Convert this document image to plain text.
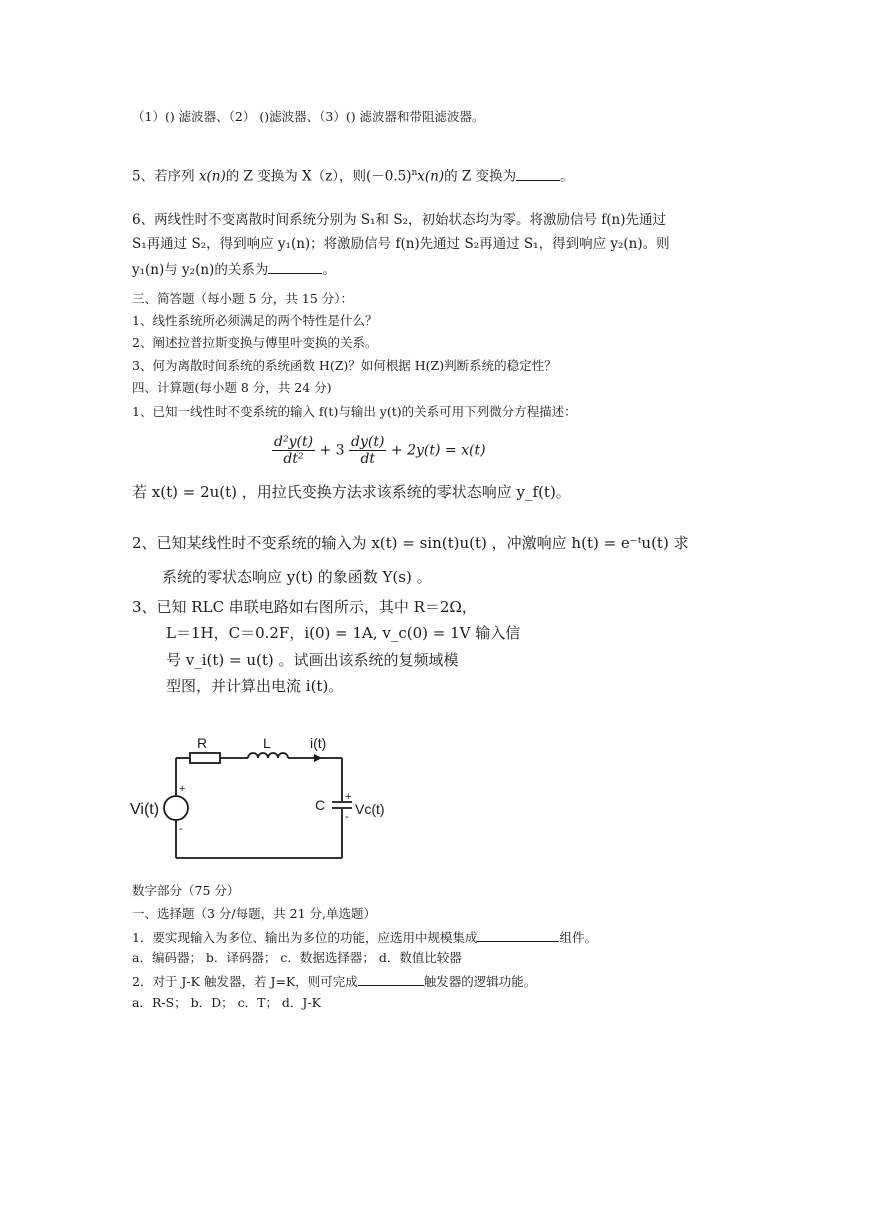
（1）() 滤波器、（2） ()滤波器、（3）() 滤波器和带阻滤波器。
5、若序列 x(n)的 Z 变换为 X（z），则$(-0.5)^nx(n)$的 Z 变换为	。
6、两线性时不变离散时间系统分别为 S₁和 S₂，初始状态均为零。将激励信号 f(n)先通过
S₁再通过 S₂，得到响应 y₁(n)；将激励信号 f(n)先通过 S₂再通过 S₁，得到响应 y₂(n)。则
y₁(n)与 y₂(n)的关系为	。
三、简答题（每小题 5 分，共 15 分）：
1、线性系统所必须满足的两个特性是什么？
2、阐述拉普拉斯变换与傅里叶变换的关系。
3、何为离散时间系统的系统函数 H(Z)？如何根据 H(Z)判断系统的稳定性？
四、计算题(每小题 8 分，共 24 分)
1、已知一线性时不变系统的输入 f(t)与输出 y(t)的关系可用下列微分方程描述：
$\frac{\text{d²y(t)}}{\text{dt²}} + 3 \frac{dy(t)}{dt} + 2y(t) = x(t)$
若 x(t) = 2u(t) ，用拉氏变换方法求该系统的零状态响应 y_f(t)。
2、已知某线性时不变系统的输入为 x(t) = sin(t)u(t) ，冲激响应 h(t) = e⁻ᵗu(t) 求
系统的零状态响应 y(t) 的象函数 Y(s) 。
3、已知 RLC 串联电路如右图所示，其中 R＝2Ω，
L＝1H，C＝0.2F，i(0) = 1A, v_c(0) = 1V 输入信
号 v_i(t) = u(t) 。试画出该系统的复频域模
型图，并计算出电流 i(t)。
R	L	i(t)
C +
-
Vi(t)	Vc(t)
+
-
数字部分（75 分）
一、选择题（3 分/每题，共 21 分,单选题）
1．要实现输入为多位、输出为多位的功能，应选用中规模集成	组件。
a．编码器； b．译码器； c．数据选择器； d．数值比较器
2．对于 J-K 触发器，若 J=K，则可完成	触发器的逻辑功能。
a．R-S； b．D； c．T； d．J-K
